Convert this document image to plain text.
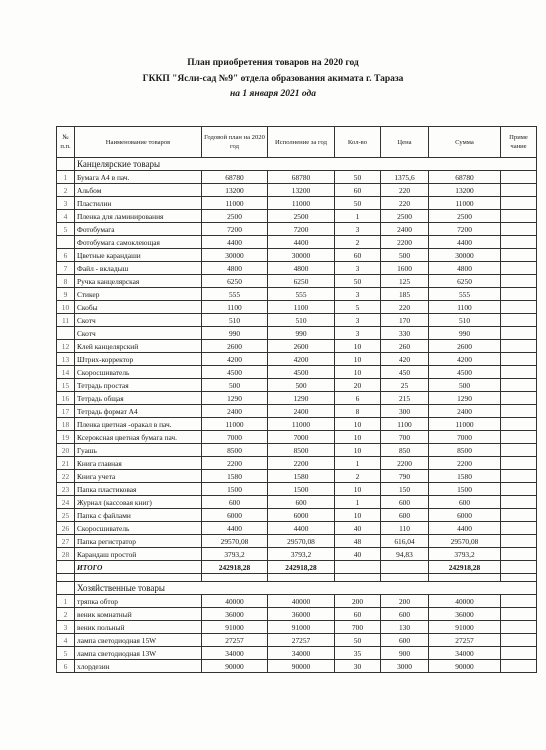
План приобретения товаров на 2020 год
ГККП "Ясли-сад №9" отдела образования акимата г. Тараза
на 1 января 2021 ода
№ п.п.	Наименование товаров	Годовой план на 2020 год	Исполнение за год	Кол-во	Цена	Сумма	Приме чание
	Канцелярские товары						
1	Бумага А4 в пач.	68780	68780	50	1375,6	68780	
2	Альбом	13200	13200	60	220	13200	
3	Пластилин	11000	11000	50	220	11000	
4	Пленка для ламинирования	2500	2500	1	2500	2500	
5	Фотобумага	7200	7200	3	2400	7200	
	Фотобумага самоклеющая	4400	4400	2	2200	4400	
6	Цветные карандаши	30000	30000	60	500	30000	
7	Файл - вкладыш	4800	4800	3	1600	4800	
8	Ручка канцелярская	6250	6250	50	125	6250	
9	Стикер	555	555	3	185	555	
10	Скобы	1100	1100	5	220	1100	
11	Скотч	510	510	3	170	510	
	Скотч	990	990	3	330	990	
12	Клей канцелярский	2600	2600	10	260	2600	
13	Штрих-корректор	4200	4200	10	420	4200	
14	Скоросшиватель	4500	4500	10	450	4500	
15	Тетрадь простая	500	500	20	25	500	
16	Тетрадь общая	1290	1290	6	215	1290	
17	Тетрадь формат А4	2400	2400	8	300	2400	
18	Пленка цветная -оракал в пач.	11000	11000	10	1100	11000	
19	Ксероксная цветная бумага пач.	7000	7000	10	700	7000	
20	Гуашь	8500	8500	10	850	8500	
21	Книга главная	2200	2200	1	2200	2200	
22	Книга учета	1580	1580	2	790	1580	
23	Папка пластиковая	1500	1500	10	150	1500	
24	Журнал (кассовая книг)	600	600	1	600	600	
25	Папка с файлами	6000	6000	10	600	6000	
26	Скоросшиватель	4400	4400	40	110	4400	
27	Папка регистратор	29570,08	29570,08	48	616,04	29570,08	
28	Карандаш простой	3793,2	3793,2	40	94,83	3793,2	
	ИТОГО	242918,28	242918,28			242918,28	

	Хозяйственные товары						
1	тряпка обтор	40000	40000	200	200	40000	
2	веник комнатный	36000	36000	60	600	36000	
3	веник польный	91000	91000	700	130	91000	
4	лампа светодиодная 15W	27257	27257	50	600	27257	
5	лампа светодиодная 13W	34000	34000	35	900	34000	
6	хлордезин	90000	90000	30	3000	90000	
